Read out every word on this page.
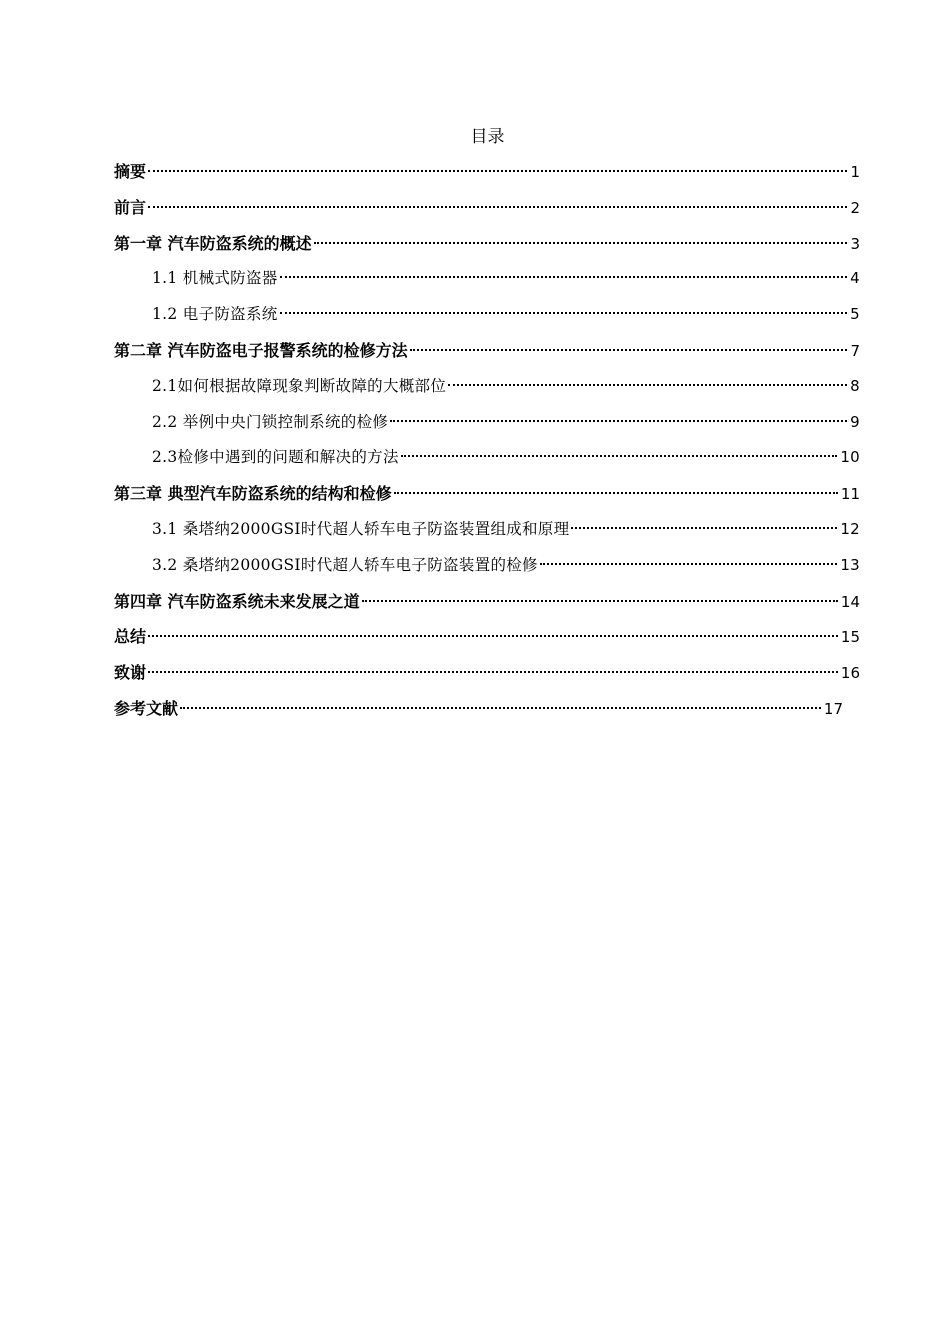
目录
摘要	1
前言	2
第一章 汽车防盗系统的概述	3
1.1 机械式防盗器	4
1.2 电子防盗系统	5
第二章 汽车防盗电子报警系统的检修方法	7
2.1如何根据故障现象判断故障的大概部位	8
2.2 举例中央门锁控制系统的检修	9
2.3检修中遇到的问题和解决的方法	10
第三章 典型汽车防盗系统的结构和检修	11
3.1 桑塔纳2000GSI时代超人轿车电子防盗装置组成和原理	12
3.2 桑塔纳2000GSI时代超人轿车电子防盗装置的检修	13
第四章 汽车防盗系统未来发展之道	14
总结	15
致谢	16
参考文献	17
